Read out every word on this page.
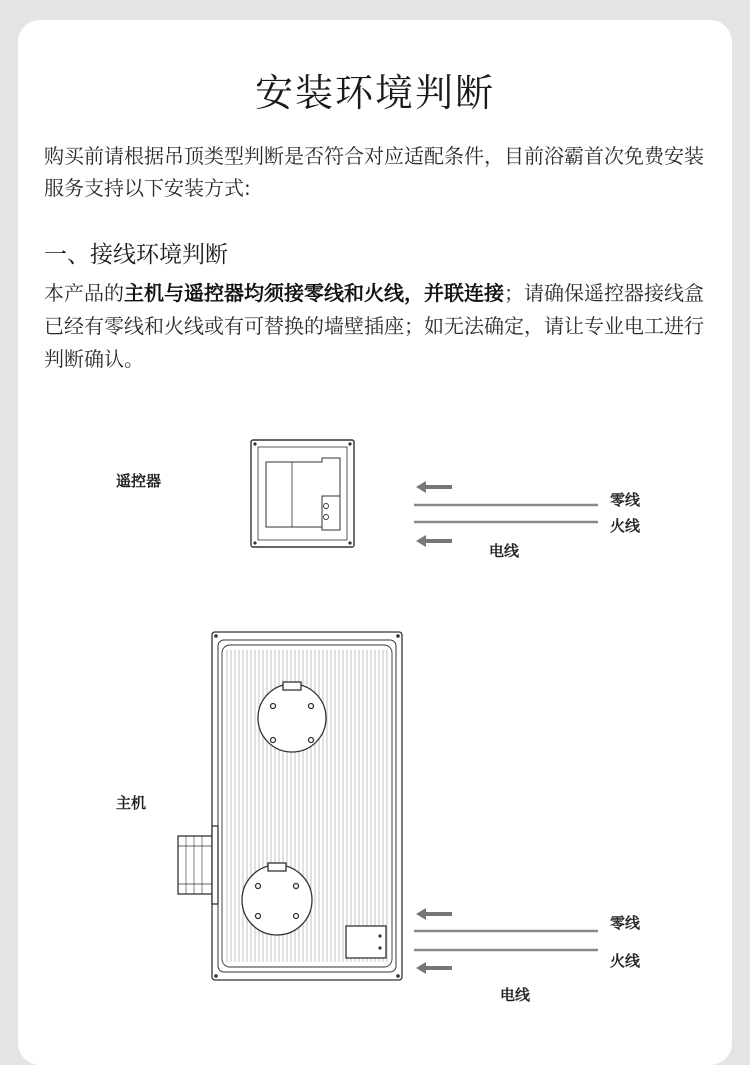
安装环境判断
购买前请根据吊顶类型判断是否符合对应适配条件，目前浴霸首次免费安装服务支持以下安装方式:
一、接线环境判断
本产品的主机与遥控器均须接零线和火线，并联连接；请确保遥控器接线盒已经有零线和火线或有可替换的墙壁插座；如无法确定，请让专业电工进行判断确认。
遥控器
零线
火线
电线
主机
零线
火线
电线
